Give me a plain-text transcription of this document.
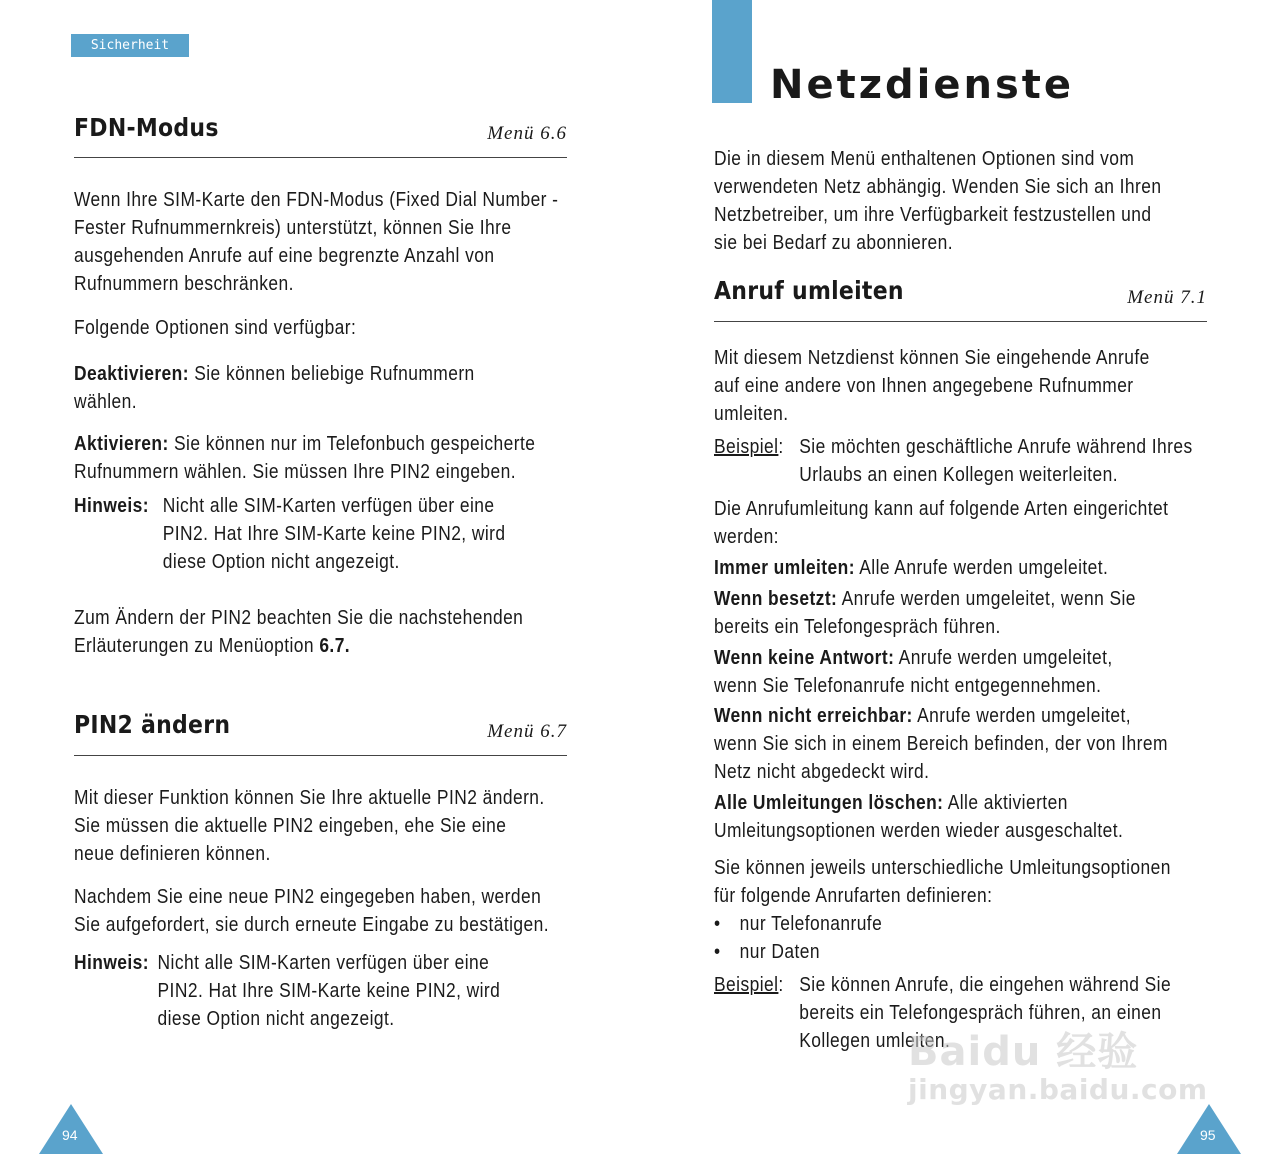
Sicherheit
FDN-Modus	Menü 6.6
Wenn Ihre SIM-Karte den FDN-Modus (Fixed Dial Number -
Fester Rufnummernkreis) unterstützt, können Sie Ihre
ausgehenden Anrufe auf eine begrenzte Anzahl von
Rufnummern beschränken.
Folgende Optionen sind verfügbar:
Deaktivieren: Sie können beliebige Rufnummern
wählen.
Aktivieren: Sie können nur im Telefonbuch gespeicherte
Rufnummern wählen. Sie müssen Ihre PIN2 eingeben.
Hinweis: Nicht alle SIM-Karten verfügen über eine
PIN2. Hat Ihre SIM-Karte keine PIN2, wird
diese Option nicht angezeigt.
Zum Ändern der PIN2 beachten Sie die nachstehenden
Erläuterungen zu Menüoption 6.7.
PIN2 ändern	Menü 6.7
Mit dieser Funktion können Sie Ihre aktuelle PIN2 ändern.
Sie müssen die aktuelle PIN2 eingeben, ehe Sie eine
neue definieren können.
Nachdem Sie eine neue PIN2 eingegeben haben, werden
Sie aufgefordert, sie durch erneute Eingabe zu bestätigen.
Hinweis: Nicht alle SIM-Karten verfügen über eine
PIN2. Hat Ihre SIM-Karte keine PIN2, wird
diese Option nicht angezeigt.
94
Netzdienste
Die in diesem Menü enthaltenen Optionen sind vom
verwendeten Netz abhängig. Wenden Sie sich an Ihren
Netzbetreiber, um ihre Verfügbarkeit festzustellen und
sie bei Bedarf zu abonnieren.
Anruf umleiten	Menü 7.1
Mit diesem Netzdienst können Sie eingehende Anrufe
auf eine andere von Ihnen angegebene Rufnummer
umleiten.
Beispiel: Sie möchten geschäftliche Anrufe während Ihres
Urlaubs an einen Kollegen weiterleiten.
Die Anrufumleitung kann auf folgende Arten eingerichtet
werden:
Immer umleiten: Alle Anrufe werden umgeleitet.
Wenn besetzt: Anrufe werden umgeleitet, wenn Sie
bereits ein Telefongespräch führen.
Wenn keine Antwort: Anrufe werden umgeleitet,
wenn Sie Telefonanrufe nicht entgegennehmen.
Wenn nicht erreichbar: Anrufe werden umgeleitet,
wenn Sie sich in einem Bereich befinden, der von Ihrem
Netz nicht abgedeckt wird.
Alle Umleitungen löschen: Alle aktivierten
Umleitungsoptionen werden wieder ausgeschaltet.
Sie können jeweils unterschiedliche Umleitungsoptionen
für folgende Anrufarten definieren:
• nur Telefonanrufe
• nur Daten
Beispiel: Sie können Anrufe, die eingehen während Sie
bereits ein Telefongespräch führen, an einen
Kollegen umleiten.
Baidu 经验
jingyan.baidu.com
95
